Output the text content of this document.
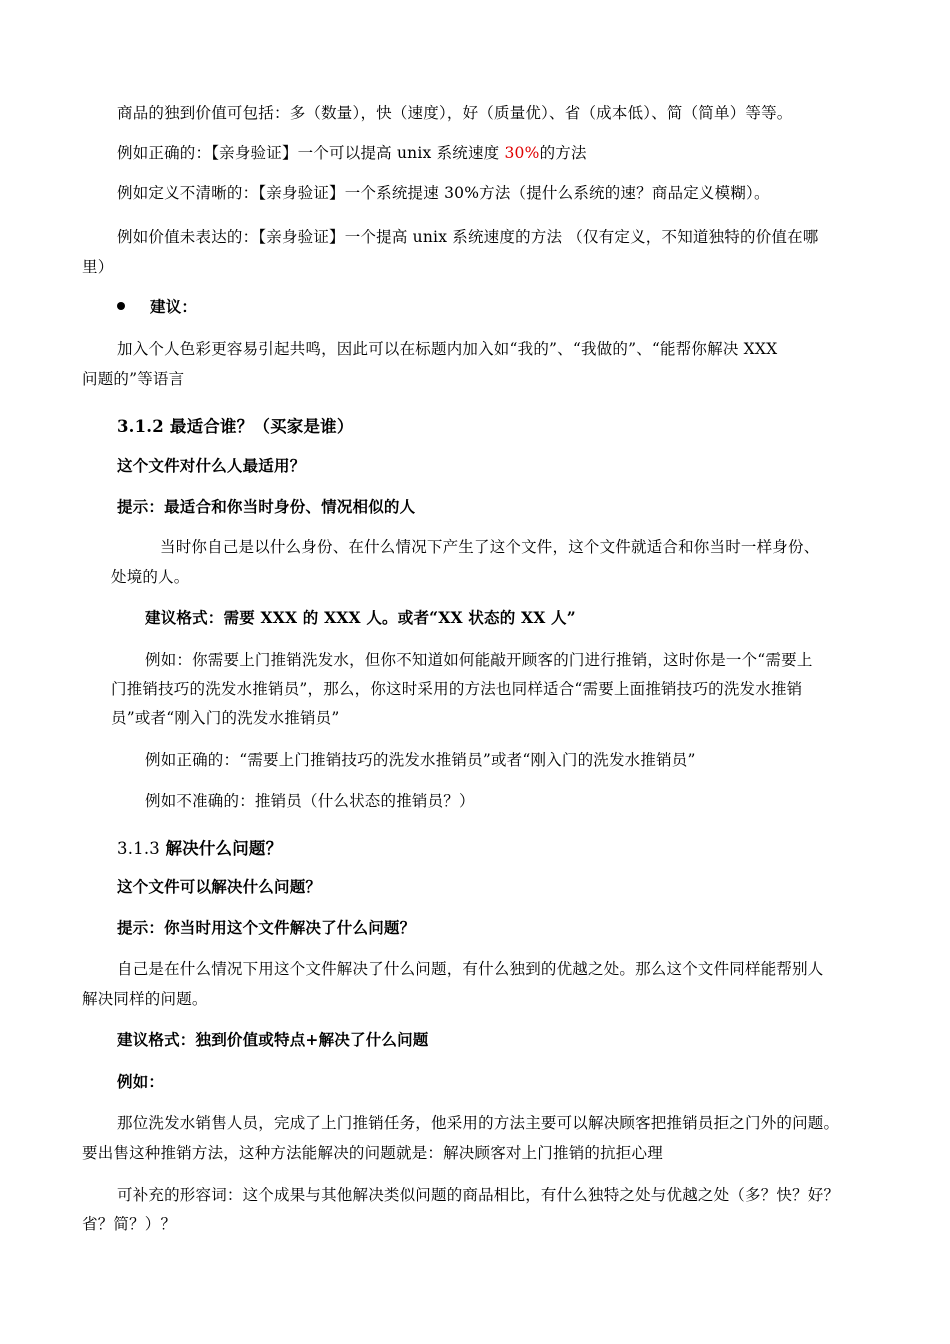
商品的独到价值可包括：多（数量），快（速度），好（质量优）、省（成本低）、简（简单）等等。
例如正确的：【亲身验证】一个可以提高 unix 系统速度 30%的方法
例如定义不清晰的：【亲身验证】一个系统提速 30%方法（提什么系统的速？商品定义模糊）。
例如价值未表达的：【亲身验证】一个提高 unix 系统速度的方法 （仅有定义，不知道独特的价值在哪
里）
建议：
加入个人色彩更容易引起共鸣，因此可以在标题内加入如“我的”、“我做的”、“能帮你解决 XXX
问题的”等语言
3.1.2 最适合谁？（买家是谁）
这个文件对什么人最适用？
提示：最适合和你当时身份、情况相似的人
当时你自己是以什么身份、在什么情况下产生了这个文件，这个文件就适合和你当时一样身份、
处境的人。
建议格式：需要 XXX 的 XXX 人。或者“XX 状态的 XX 人”
例如：你需要上门推销洗发水，但你不知道如何能敲开顾客的门进行推销，这时你是一个“需要上
门推销技巧的洗发水推销员”，那么，你这时采用的方法也同样适合“需要上面推销技巧的洗发水推销
员”或者“刚入门的洗发水推销员”
例如正确的：“需要上门推销技巧的洗发水推销员”或者“刚入门的洗发水推销员”
例如不准确的：推销员（什么状态的推销员？）
3.1.3 解决什么问题？
这个文件可以解决什么问题？
提示：你当时用这个文件解决了什么问题？
自己是在什么情况下用这个文件解决了什么问题，有什么独到的优越之处。那么这个文件同样能帮别人
解决同样的问题。
建议格式：独到价值或特点+解决了什么问题
例如：
那位洗发水销售人员，完成了上门推销任务，他采用的方法主要可以解决顾客把推销员拒之门外的问题。
要出售这种推销方法，这种方法能解决的问题就是：解决顾客对上门推销的抗拒心理
可补充的形容词：这个成果与其他解决类似问题的商品相比，有什么独特之处与优越之处（多？快？好？
省？简？）？
